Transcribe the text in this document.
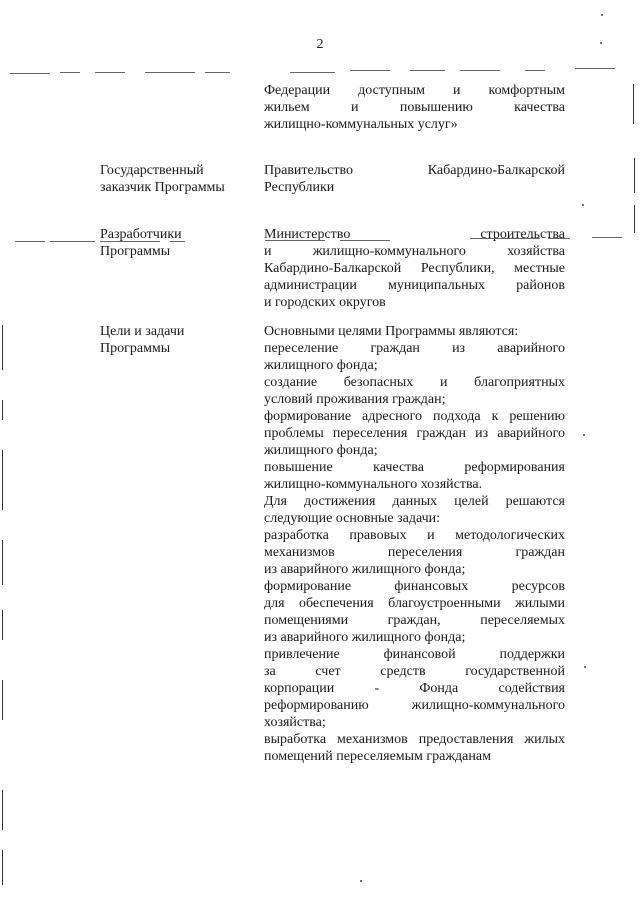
2
Федерации доступным и комфортным
жильем и повышению качества
жилищно-коммунальных услуг»
Государственный
заказчик Программы
Правительство Кабардино-Балкарской
Республики
Разработчики
Программы
Министерство строительства
и жилищно-коммунального хозяйства
Кабардино-Балкарской Республики, местные
администрации муниципальных районов
и городских округов
Цели и задачи
Программы
Основными целями Программы являются:
переселение граждан из аварийного
жилищного фонда;
создание безопасных и благоприятных
условий проживания граждан;
формирование адресного подхода к решению
проблемы переселения граждан из аварийного
жилищного фонда;
повышение качества реформирования
жилищно-коммунального хозяйства.
Для достижения данных целей решаются
следующие основные задачи:
разработка правовых и методологических
механизмов переселения граждан
из аварийного жилищного фонда;
формирование финансовых ресурсов
для обеспечения благоустроенными жилыми
помещениями граждан, переселяемых
из аварийного жилищного фонда;
привлечение финансовой поддержки
за счет средств государственной
корпорации - Фонда содействия
реформированию жилищно-коммунального
хозяйства;
выработка механизмов предоставления жилых
помещений переселяемым гражданам
